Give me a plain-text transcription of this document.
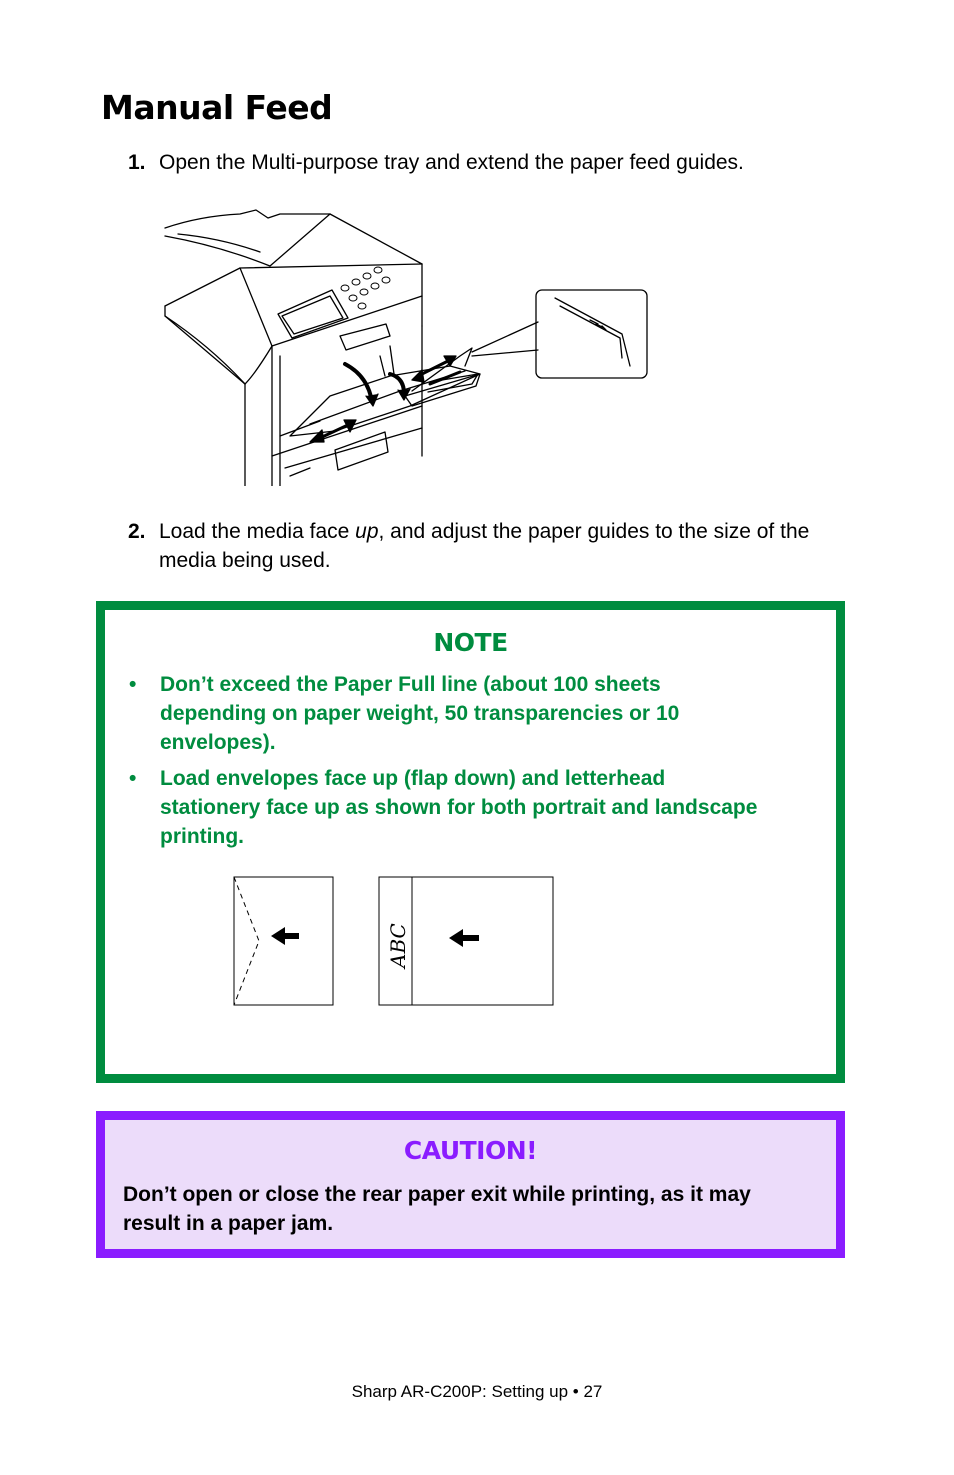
Manual Feed
1. Open the Multi-purpose tray and extend the paper feed guides.
2. Load the media face up, and adjust the paper guides to the size of the media being used.
NOTE
• Don’t exceed the Paper Full line (about 100 sheets depending on paper weight, 50 transparencies or 10 envelopes).
• Load envelopes face up (flap down) and letterhead stationery face up as shown for both portrait and landscape printing.
ABC
CAUTION!
Don’t open or close the rear paper exit while printing, as it may result in a paper jam.
Sharp AR-C200P: Setting up • 27
